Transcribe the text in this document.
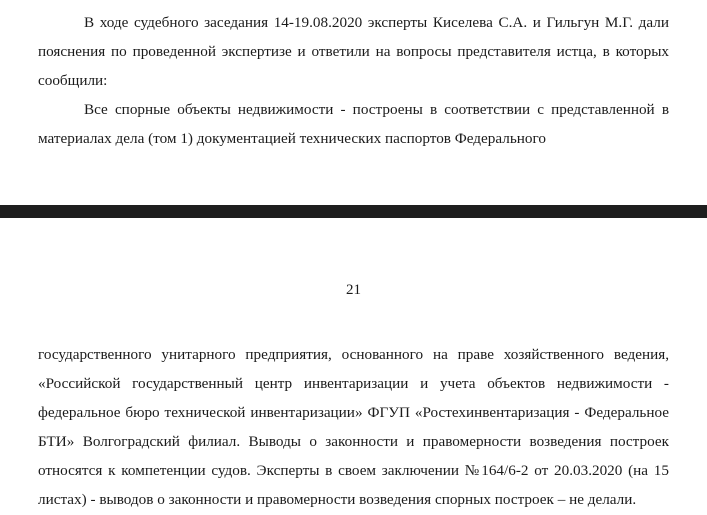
В ходе судебного заседания 14-19.08.2020 эксперты Киселева С.А. и Гильгун М.Г. дали пояснения по проведенной экспертизе и ответили на вопросы представителя истца, в которых сообщили:

Все спорные объекты недвижимости - построены в соответствии с представленной в материалах дела (том 1) документацией технических паспортов Федерального

21

государственного унитарного предприятия, основанного на праве хозяйственного ведения, «Российской государственный центр инвентаризации и учета объектов недвижимости - федеральное бюро технической инвентаризации» ФГУП «Ростехинвентаризация - Федеральное БТИ» Волгоградский филиал. Выводы о законности и правомерности возведения построек относятся к компетенции судов. Эксперты в своем заключении №164/6-2 от 20.03.2020 (на 15 листах) - выводов о законности и правомерности возведения спорных построек – не делали.
